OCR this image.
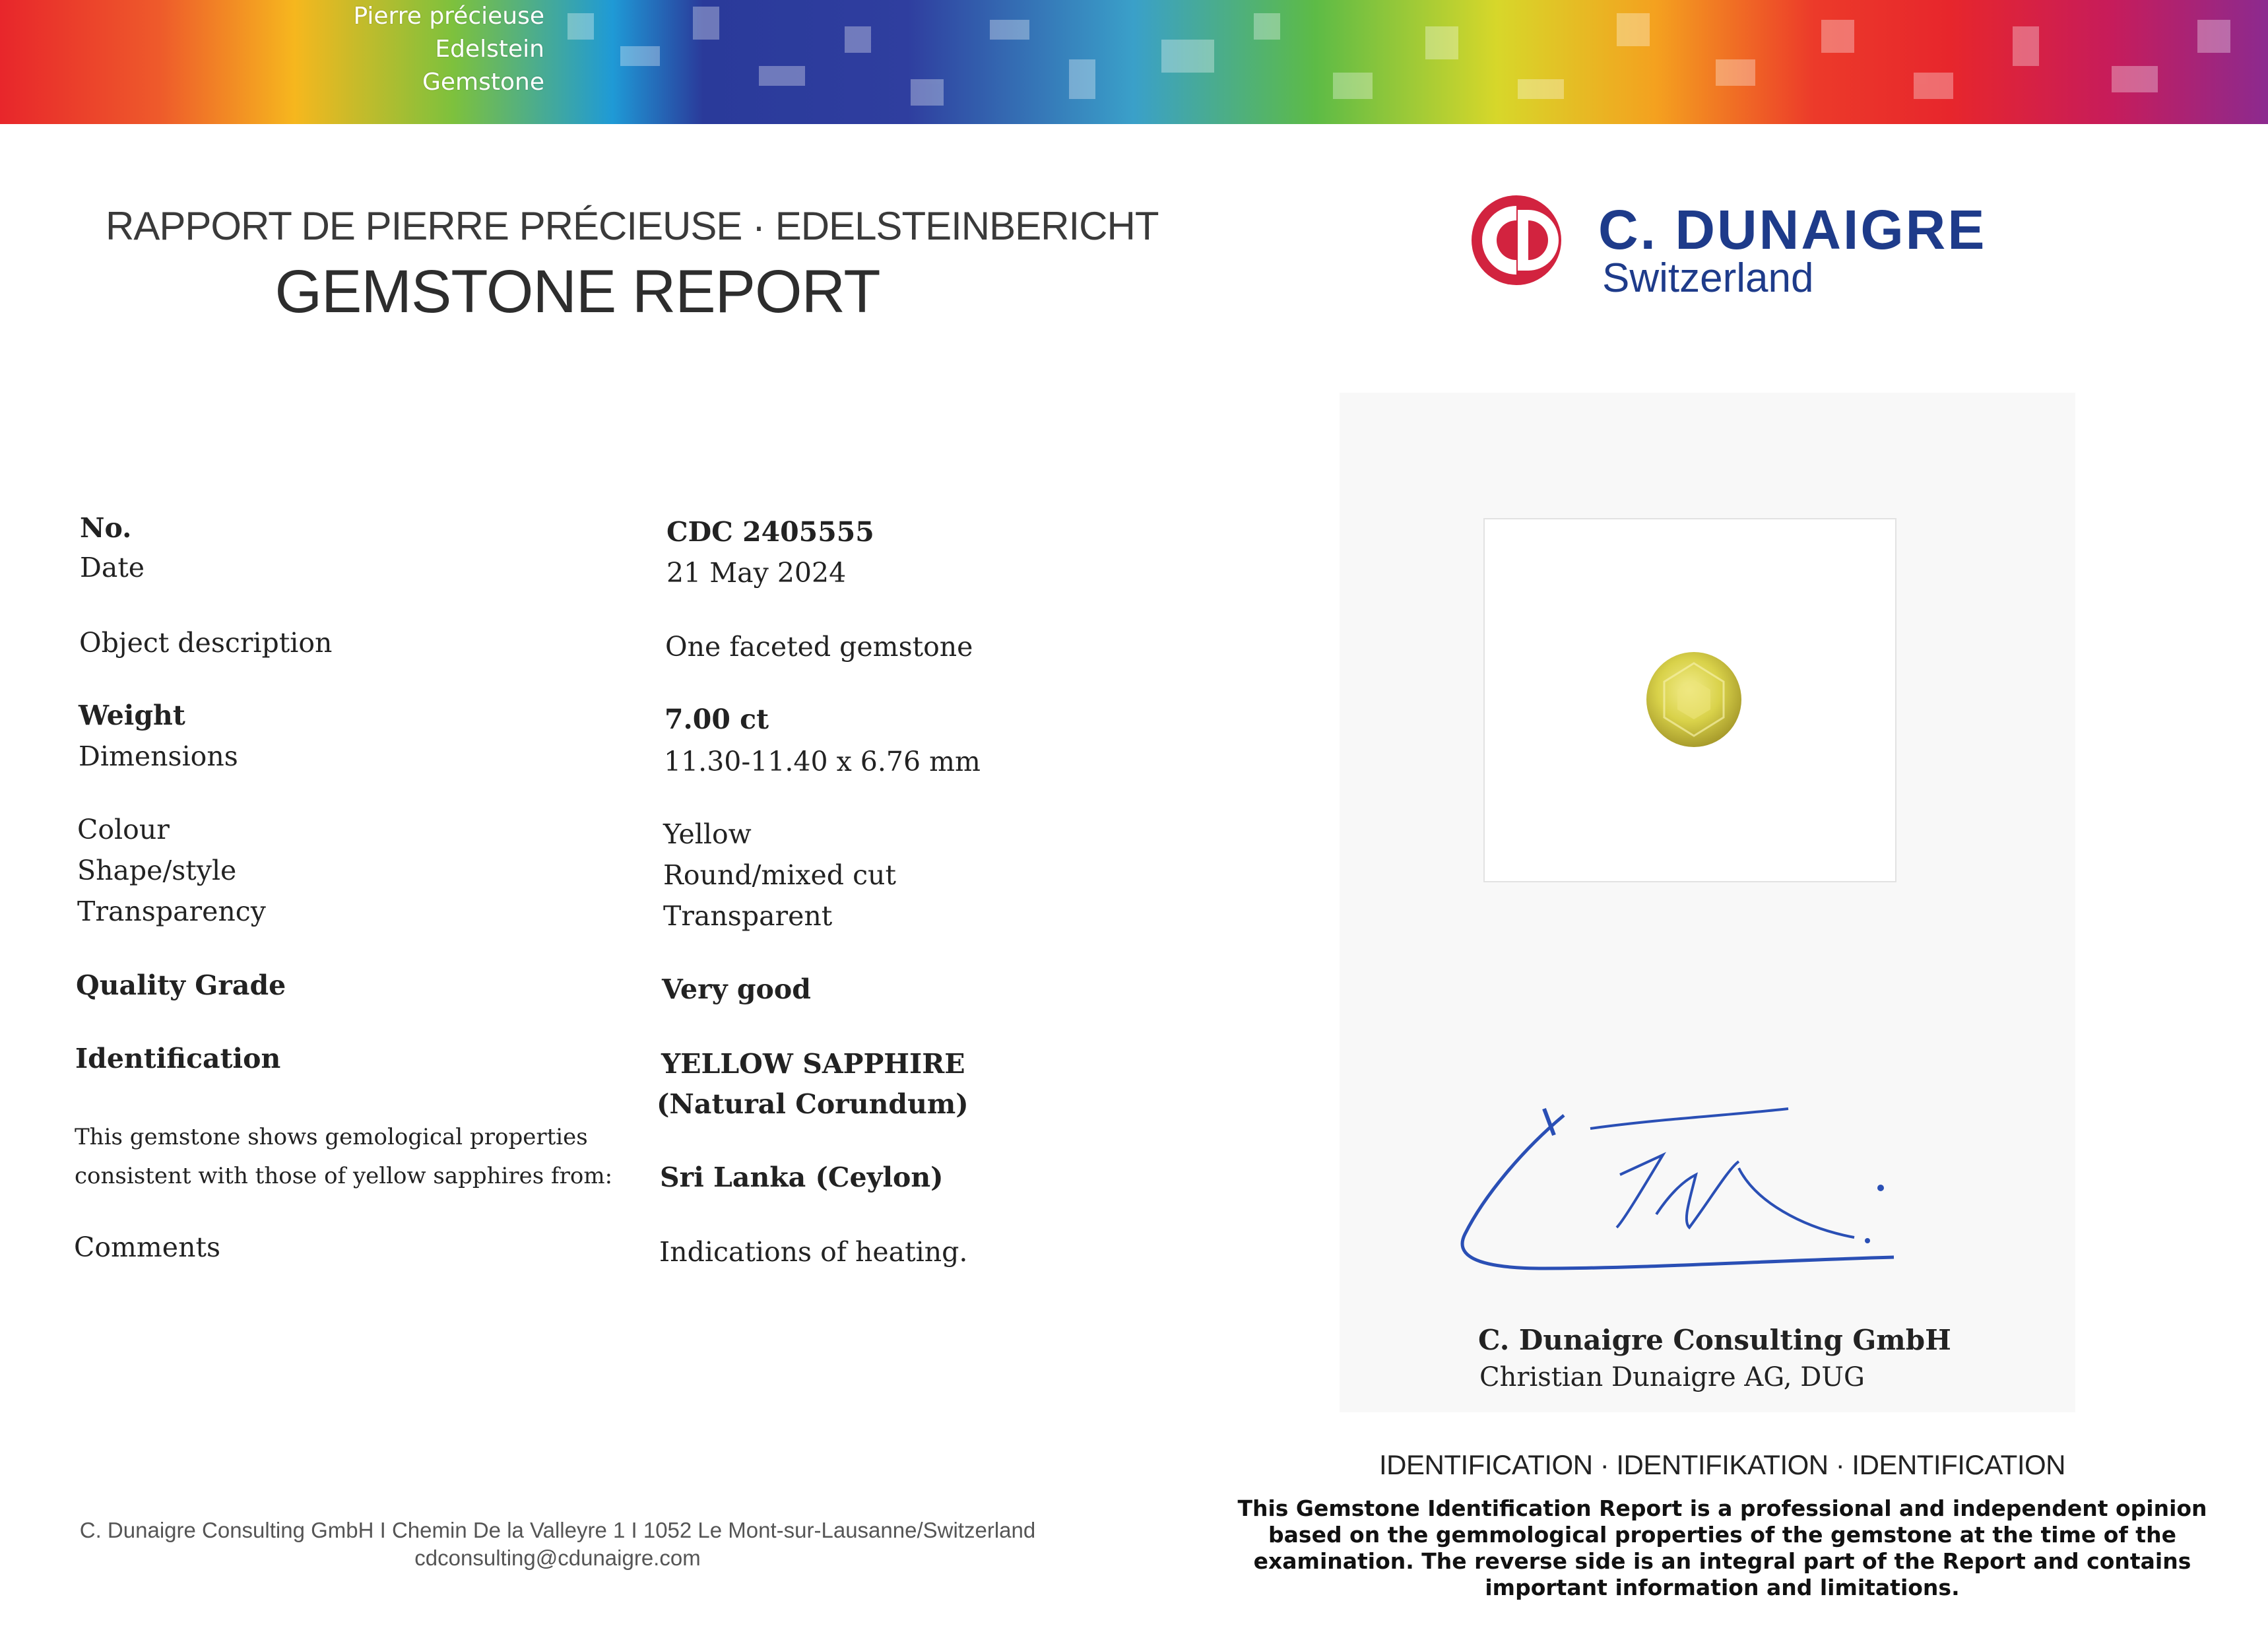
Pierre précieuse
Edelstein
Gemstone
RAPPORT DE PIERRE PRÉCIEUSE · EDELSTEINBERICHT
GEMSTONE REPORT
C. DUNAIGRE
Switzerland
No.
Date
Object description
Weight
Dimensions
Colour
Shape/style
Transparency
Quality Grade
Identification
This gemstone shows gemological properties
consistent with those of yellow sapphires from:
Comments
CDC 2405555
21 May 2024
One faceted gemstone
7.00 ct
11.30-11.40 x 6.76 mm
Yellow
Round/mixed cut
Transparent
Very good
YELLOW SAPPHIRE
(Natural Corundum)
Sri Lanka (Ceylon)
Indications of heating.
C. Dunaigre Consulting GmbH
Christian Dunaigre AG, DUG
IDENTIFICATION · IDENTIFIKATION · IDENTIFICATION
This Gemstone Identification Report is a professional and independent opinion
based on the gemmological properties of the gemstone at the time of the
examination. The reverse side is an integral part of the Report and contains
important information and limitations.
C. Dunaigre Consulting GmbH I Chemin De la Valleyre 1 I 1052 Le Mont-sur-Lausanne/Switzerland
cdconsulting@cdunaigre.com
